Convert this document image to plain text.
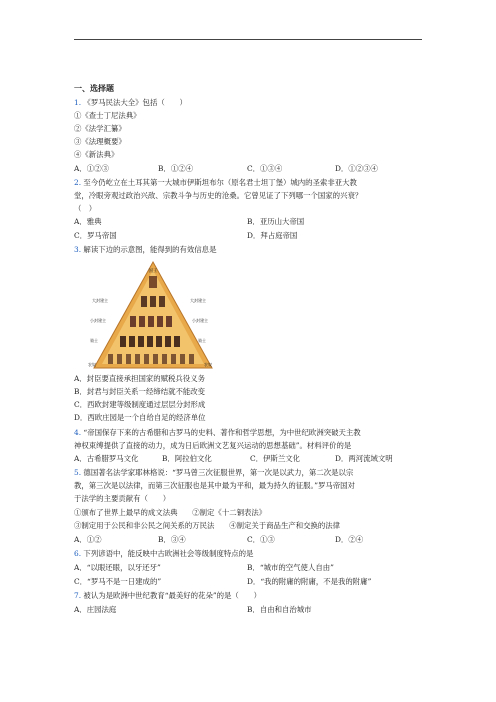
一、选择题
1. 《罗马民法大全》包括（　　）
①《查士丁尼法典》
②《法学汇纂》
③《法理概要》
④《新法典》
A．①②③	B．①②④	C．①③④	D．①②③④
2. 至今仍屹立在土耳其第一大城市伊斯坦布尔（原名君士坦丁堡）城内的圣索非亚大教
堂，冷眼旁观过政治兴敌、宗教斗争与历史的沧桑。它曾见证了下列哪一个国家的兴衰？
（　）
A．雅典	B．亚历山大帝国
C．罗马帝国	D．拜占庭帝国
3. 解读下边的示意图，能得到的有效信息是
国王
大封建主
小封建主
骑士
农奴
大封建主
小封建主
骑士
农奴
A．封臣要直接承担国家的赋税兵役义务
B．封君与封臣关系一经缔结就不能改变
C．西欧封建等级制度通过层层分封形成
D．西欧庄园是一个自给自足的经济单位
4. “帝国保存下来的古希腊和古罗马的史料、著作和哲学思想，为中世纪欧洲突破天主教
神权束缚提供了直接的动力，成为日后欧洲文艺复兴运动的思想基础”。材料评价的是
A．古希腊罗马文化	B．阿拉伯文化	C．伊斯兰文化	D．两河流域文明
5. 德国著名法学家耶林格说：“罗马曾三次征服世界，第一次是以武力，第二次是以宗
教，第三次是以法律，而第三次征服也是其中最为平和，最为持久的征服。”罗马帝国对
于法学的主要贡献有（　　）
①颁布了世界上最早的成文法典　　②制定《十二铜表法》
③制定用于公民和非公民之间关系的万民法　　④制定关于商品生产和交换的法律
A．①②	B．③④	C．①③	D．②④
6. 下列谚语中，能反映中古欧洲社会等级制度特点的是
A．“以眼还眼，以牙还牙”	B．“城市的空气使人自由”
C．“罗马不是一日建成的”	D．“我的附庸的附庸，不是我的附庸”
7. 被认为是欧洲中世纪教育“最美好的花朵”的是（　　）
A．庄园法庭	B．自由和自治城市
